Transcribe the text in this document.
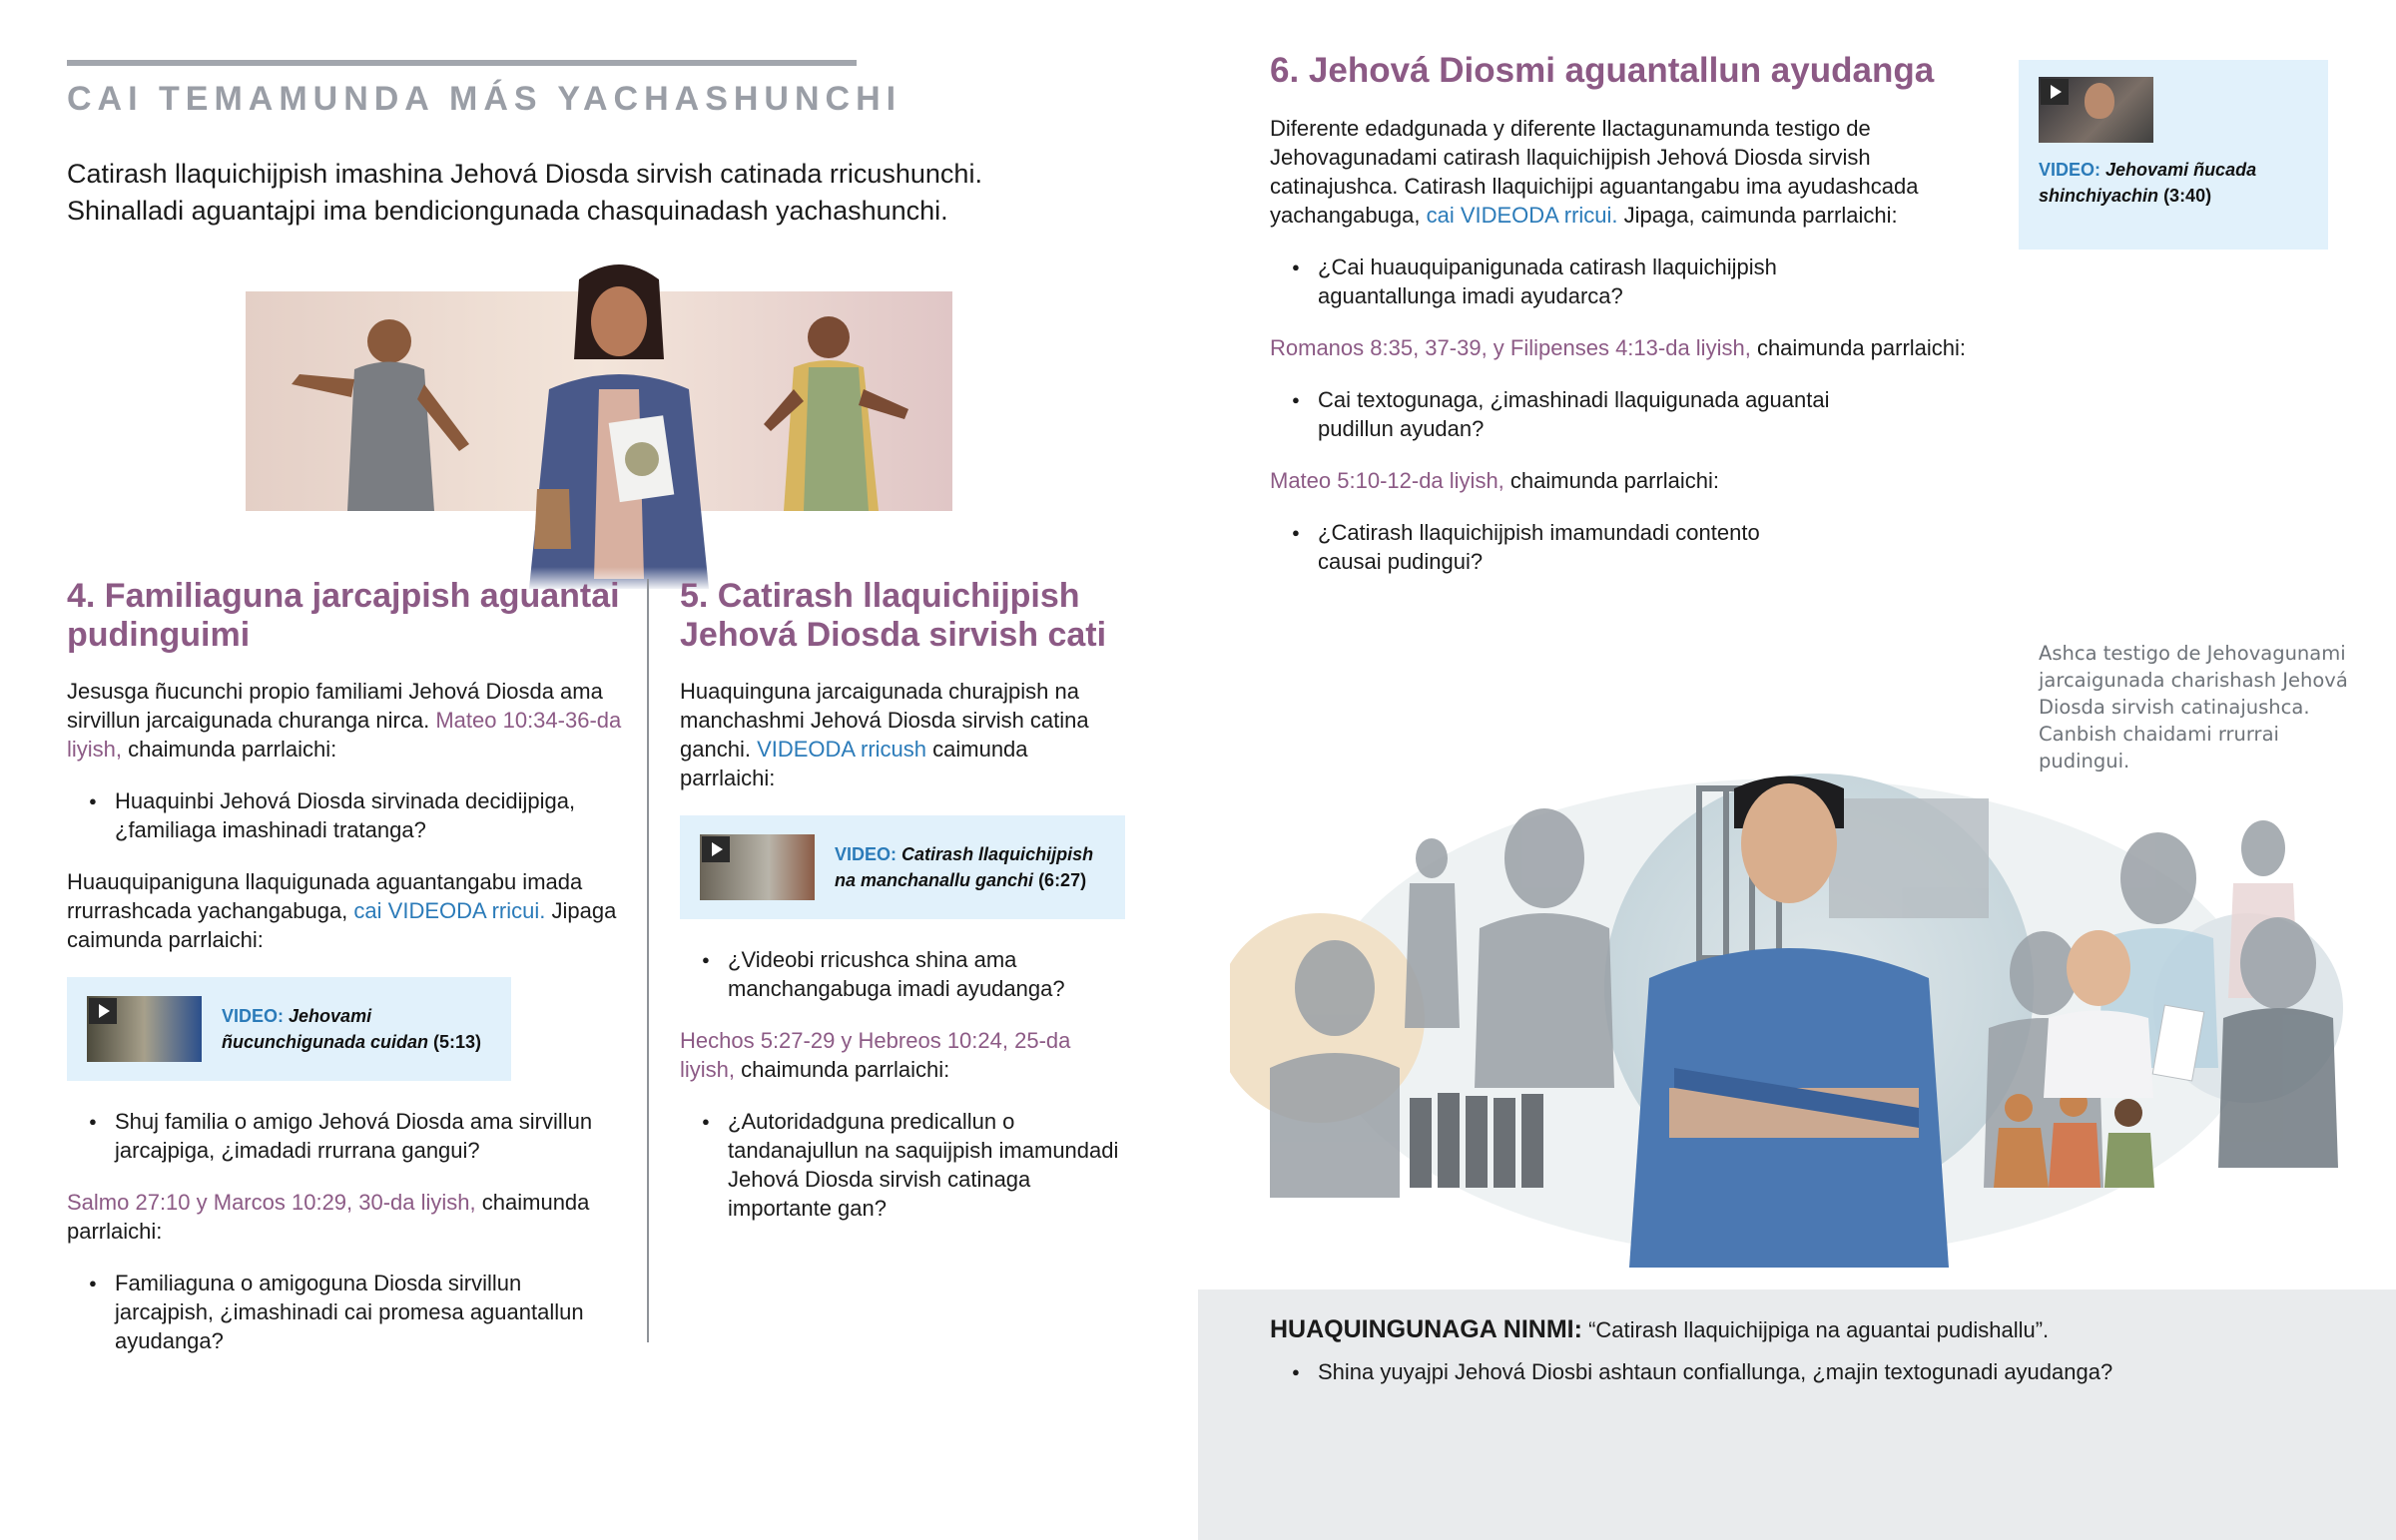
CAI TEMAMUNDA MÁS YACHASHUNCHI
Catirash llaquichijpish imashina Jehová Diosda sirvish catinada rricushunchi. Shinalladi aguantajpi ima bendiciongunada chasquinadash yachashunchi.
4. Familiaguna jarcajpish aguantai pudinguimi

Jesusga ñucunchi propio familiami Jehová Diosda ama sirvillun jarcaigunada churanga nirca. Mateo 10:34-36-da liyish, chaimunda parrlaichi:

● Huaquinbi Jehová Diosda sirvinada decidijpiga, ¿familiaga imashinadi tratanga?

Huauquipaniguna llaquigunada aguantangabu imada rrurrashcada yachangabuga, cai VIDEODA rricui. Jipaga caimunda parrlaichi:

VIDEO: Jehovami ñucunchigunada cuidan (5:13)
● Shuj familia o amigo Jehová Diosda ama sirvillun jarcajpiga, ¿imadadi rrurrana gangui?

Salmo 27:10 y Marcos 10:29, 30-da liyish, chaimunda parrlaichi:

● Familiaguna o amigoguna Diosda sirvillun jarcajpish, ¿imashinadi cai promesa aguantallun ayudanga?
5. Catirash llaquichijpish Jehová Diosda sirvish cati

Huaquinguna jarcaigunada churajpish na manchashmi Jehová Diosda sirvish catina ganchi. VIDEODA rricush caimunda parrlaichi:

VIDEO: Catirash llaquichijpish na manchanallu ganchi (6:27)
● ¿Videobi rricushca shina ama manchangabuga imadi ayudanga?

Hechos 5:27-29 y Hebreos 10:24, 25-da liyish, chaimunda parrlaichi:

● ¿Autoridadguna predicallun o tandanajullun na saquijpish imamundadi Jehová Diosda sirvish catinaga importante gan?
6. Jehová Diosmi aguantallun ayudanga

Diferente edadgunada y diferente llactagunamunda testigo de Jehovagunadami catirash llaquichijpish Jehová Diosda sirvish catinajushca. Catirash llaquichijpi aguantangabu ima ayudashcada yachangabuga, cai VIDEODA rricui. Jipaga, caimunda parrlaichi:

● ¿Cai huauquipanigunada catirash llaquichijpish aguantallunga imadi ayudarca?

Romanos 8:35, 37-39, y Filipenses 4:13-da liyish, chaimunda parrlaichi:

● Cai textogunaga, ¿imashinadi llaquigunada aguantai pudillun ayudan?

Mateo 5:10-12-da liyish, chaimunda parrlaichi:

● ¿Catirash llaquichijpish imamundadi contento causai pudingui?
VIDEO: Jehovami ñucada shinchiyachin (3:40)
Ashca testigo de Jehovagunami jarcaigunada charishash Jehová Diosda sirvish catinajushca. Canbish chaidami rrurrai pudingui.
HUAQUINGUNAGA NINMI: “Catirash llaquichijpiga na aguantai pudishallu”.
● Shina yuyajpi Jehová Diosbi ashtaun confiallunga, ¿majin textogunadi ayudanga?
